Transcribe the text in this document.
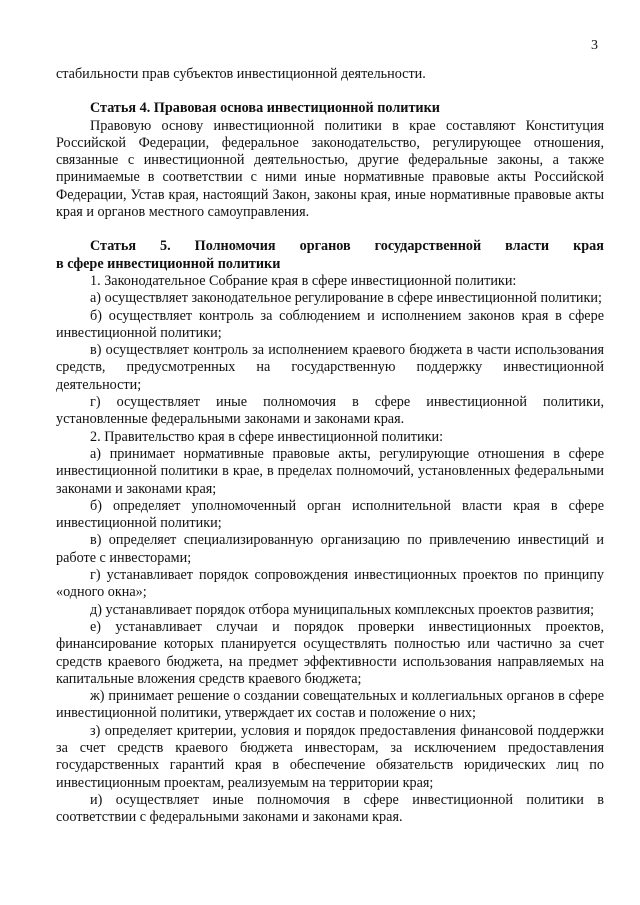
3

стабильности прав субъектов инвестиционной деятельности.

Статья 4. Правовая основа инвестиционной политики

Правовую основу инвестиционной политики в крае составляют Конституция Российской Федерации, федеральное законодательство, регулирующее отношения, связанные с инвестиционной деятельностью, другие федеральные законы, а также принимаемые в соответствии с ними иные нормативные правовые акты Российской Федерации, Устав края, настоящий Закон, законы края, иные нормативные правовые акты края и органов местного самоуправления.

Статья 5. Полномочия органов государственной власти края

в сфере инвестиционной политики

1. Законодательное Собрание края в сфере инвестиционной политики:

а) осуществляет законодательное регулирование в сфере инвестиционной политики;

б) осуществляет контроль за соблюдением и исполнением законов края в сфере инвестиционной политики;

в) осуществляет контроль за исполнением краевого бюджета в части использования средств, предусмотренных на государственную поддержку инвестиционной деятельности;

г) осуществляет иные полномочия в сфере инвестиционной политики, установленные федеральными законами и законами края.

2. Правительство края в сфере инвестиционной политики:

а) принимает нормативные правовые акты, регулирующие отношения в сфере инвестиционной политики в крае, в пределах полномочий, установленных федеральными законами и законами края;

б) определяет уполномоченный орган исполнительной власти края в сфере инвестиционной политики;

в) определяет специализированную организацию по привлечению инвестиций и работе с инвесторами;

г) устанавливает порядок сопровождения инвестиционных проектов по принципу «одного окна»;

д) устанавливает порядок отбора муниципальных комплексных проектов развития;

е) устанавливает случаи и порядок проверки инвестиционных проектов, финансирование которых планируется осуществлять полностью или частично за счет средств краевого бюджета, на предмет эффективности использования направляемых на капитальные вложения средств краевого бюджета;

ж) принимает решение о создании совещательных и коллегиальных органов в сфере инвестиционной политики, утверждает их состав и положение о них;

з) определяет критерии, условия и порядок предоставления финансовой поддержки за счет средств краевого бюджета инвесторам, за исключением предоставления государственных гарантий края в обеспечение обязательств юридических лиц по инвестиционным проектам, реализуемым на территории края;

и) осуществляет иные полномочия в сфере инвестиционной политики в соответствии с федеральными законами и законами края.
